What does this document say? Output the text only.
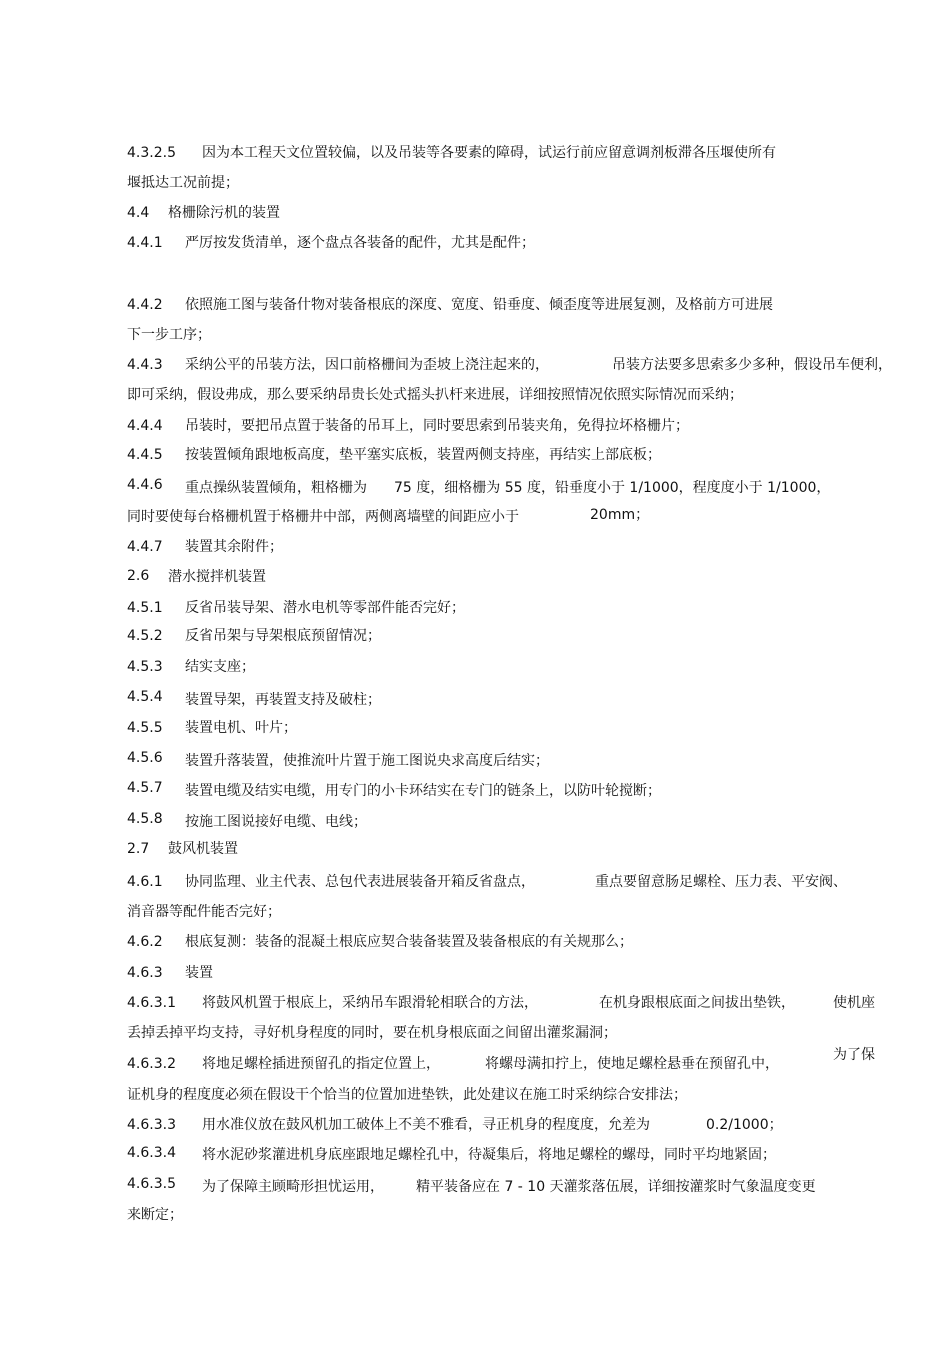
4.3.2.5 因为本工程天文位置较偏，以及吊装等各要素的障碍，试运行前应留意调剂板滞各压堰使所有

堰抵达工况前提；

4.4 格栅除污机的装置

4.4.1 严厉按发货清单，逐个盘点各装备的配件，尤其是配件；

4.4.2 依照施工图与装备什物对装备根底的深度、宽度、铅垂度、倾歪度等进展复测，及格前方可进展

下一步工序；

4.4.3 采纳公平的吊装方法，因口前格栅间为歪坡上浇注起来的，	吊装方法要多思索多少多种，假设吊车便利，

即可采纳，假设弗成，那么要采纳昂贵长处式摇头扒杆来进展，详细按照情况依照实际情况而采纳；

4.4.4 吊装时，要把吊点置于装备的吊耳上，同时要思索到吊装夹角，免得拉坏格栅片；

4.4.5 按装置倾角跟地板高度，垫平塞实底板，装置两侧支持座，再结实上部底板；

4.4.6 重点操纵装置倾角，粗格栅为 75 度，细格栅为 55 度，铅垂度小于 1/1000，程度度小于 1/1000，

同时要使每台格栅机置于格栅井中部，两侧离墙壁的间距应小于	20mm；

4.4.7 装置其余附件；

2.6 潜水搅拌机装置

4.5.1 反省吊装导架、潜水电机等零部件能否完好；

4.5.2 反省吊架与导架根底预留情况；

4.5.3 结实支座；

4.5.4 装置导架，再装置支持及破柱；

4.5.5 装置电机、叶片；

4.5.6 装置升落装置，使推流叶片置于施工图说央求高度后结实；

4.5.7 装置电缆及结实电缆，用专门的小卡环结实在专门的链条上，以防叶轮搅断；

4.5.8 按施工图说接好电缆、电线；

2.7 鼓风机装置

4.6.1 协同监理、业主代表、总包代表进展装备开箱反省盘点，	重点要留意肠足螺栓、压力表、平安阀、

消音器等配件能否完好；

4.6.2 根底复测：装备的混凝土根底应契合装备装置及装备根底的有关规那么；

4.6.3 装置

4.6.3.1 将鼓风机置于根底上，采纳吊车跟滑轮相联合的方法，	在机身跟根底面之间拔出垫铁，	使机座

丢掉丢掉平均支持，寻好机身程度的同时，要在机身根底面之间留出灌浆漏洞；

4.6.3.2 将地足螺栓插进预留孔的指定位置上，	将螺母满扣拧上，使地足螺栓悬垂在预留孔中，

为了保

证机身的程度度必须在假设干个恰当的位置加进垫铁，此处建议在施工时采纳综合安排法；

4.6.3.3 用水准仪放在鼓风机加工破体上不美不雅看，寻正机身的程度度，允差为	0.2/1000；

4.6.3.4 将水泥砂浆灌进机身底座跟地足螺栓孔中，待凝集后，将地足螺栓的螺母，同时平均地紧固；

4.6.3.5 为了保障主顾畸形担忧运用， 精平装备应在 7 - 10 天灌浆落伍展，详细按灌浆时气象温度变更

来断定；
